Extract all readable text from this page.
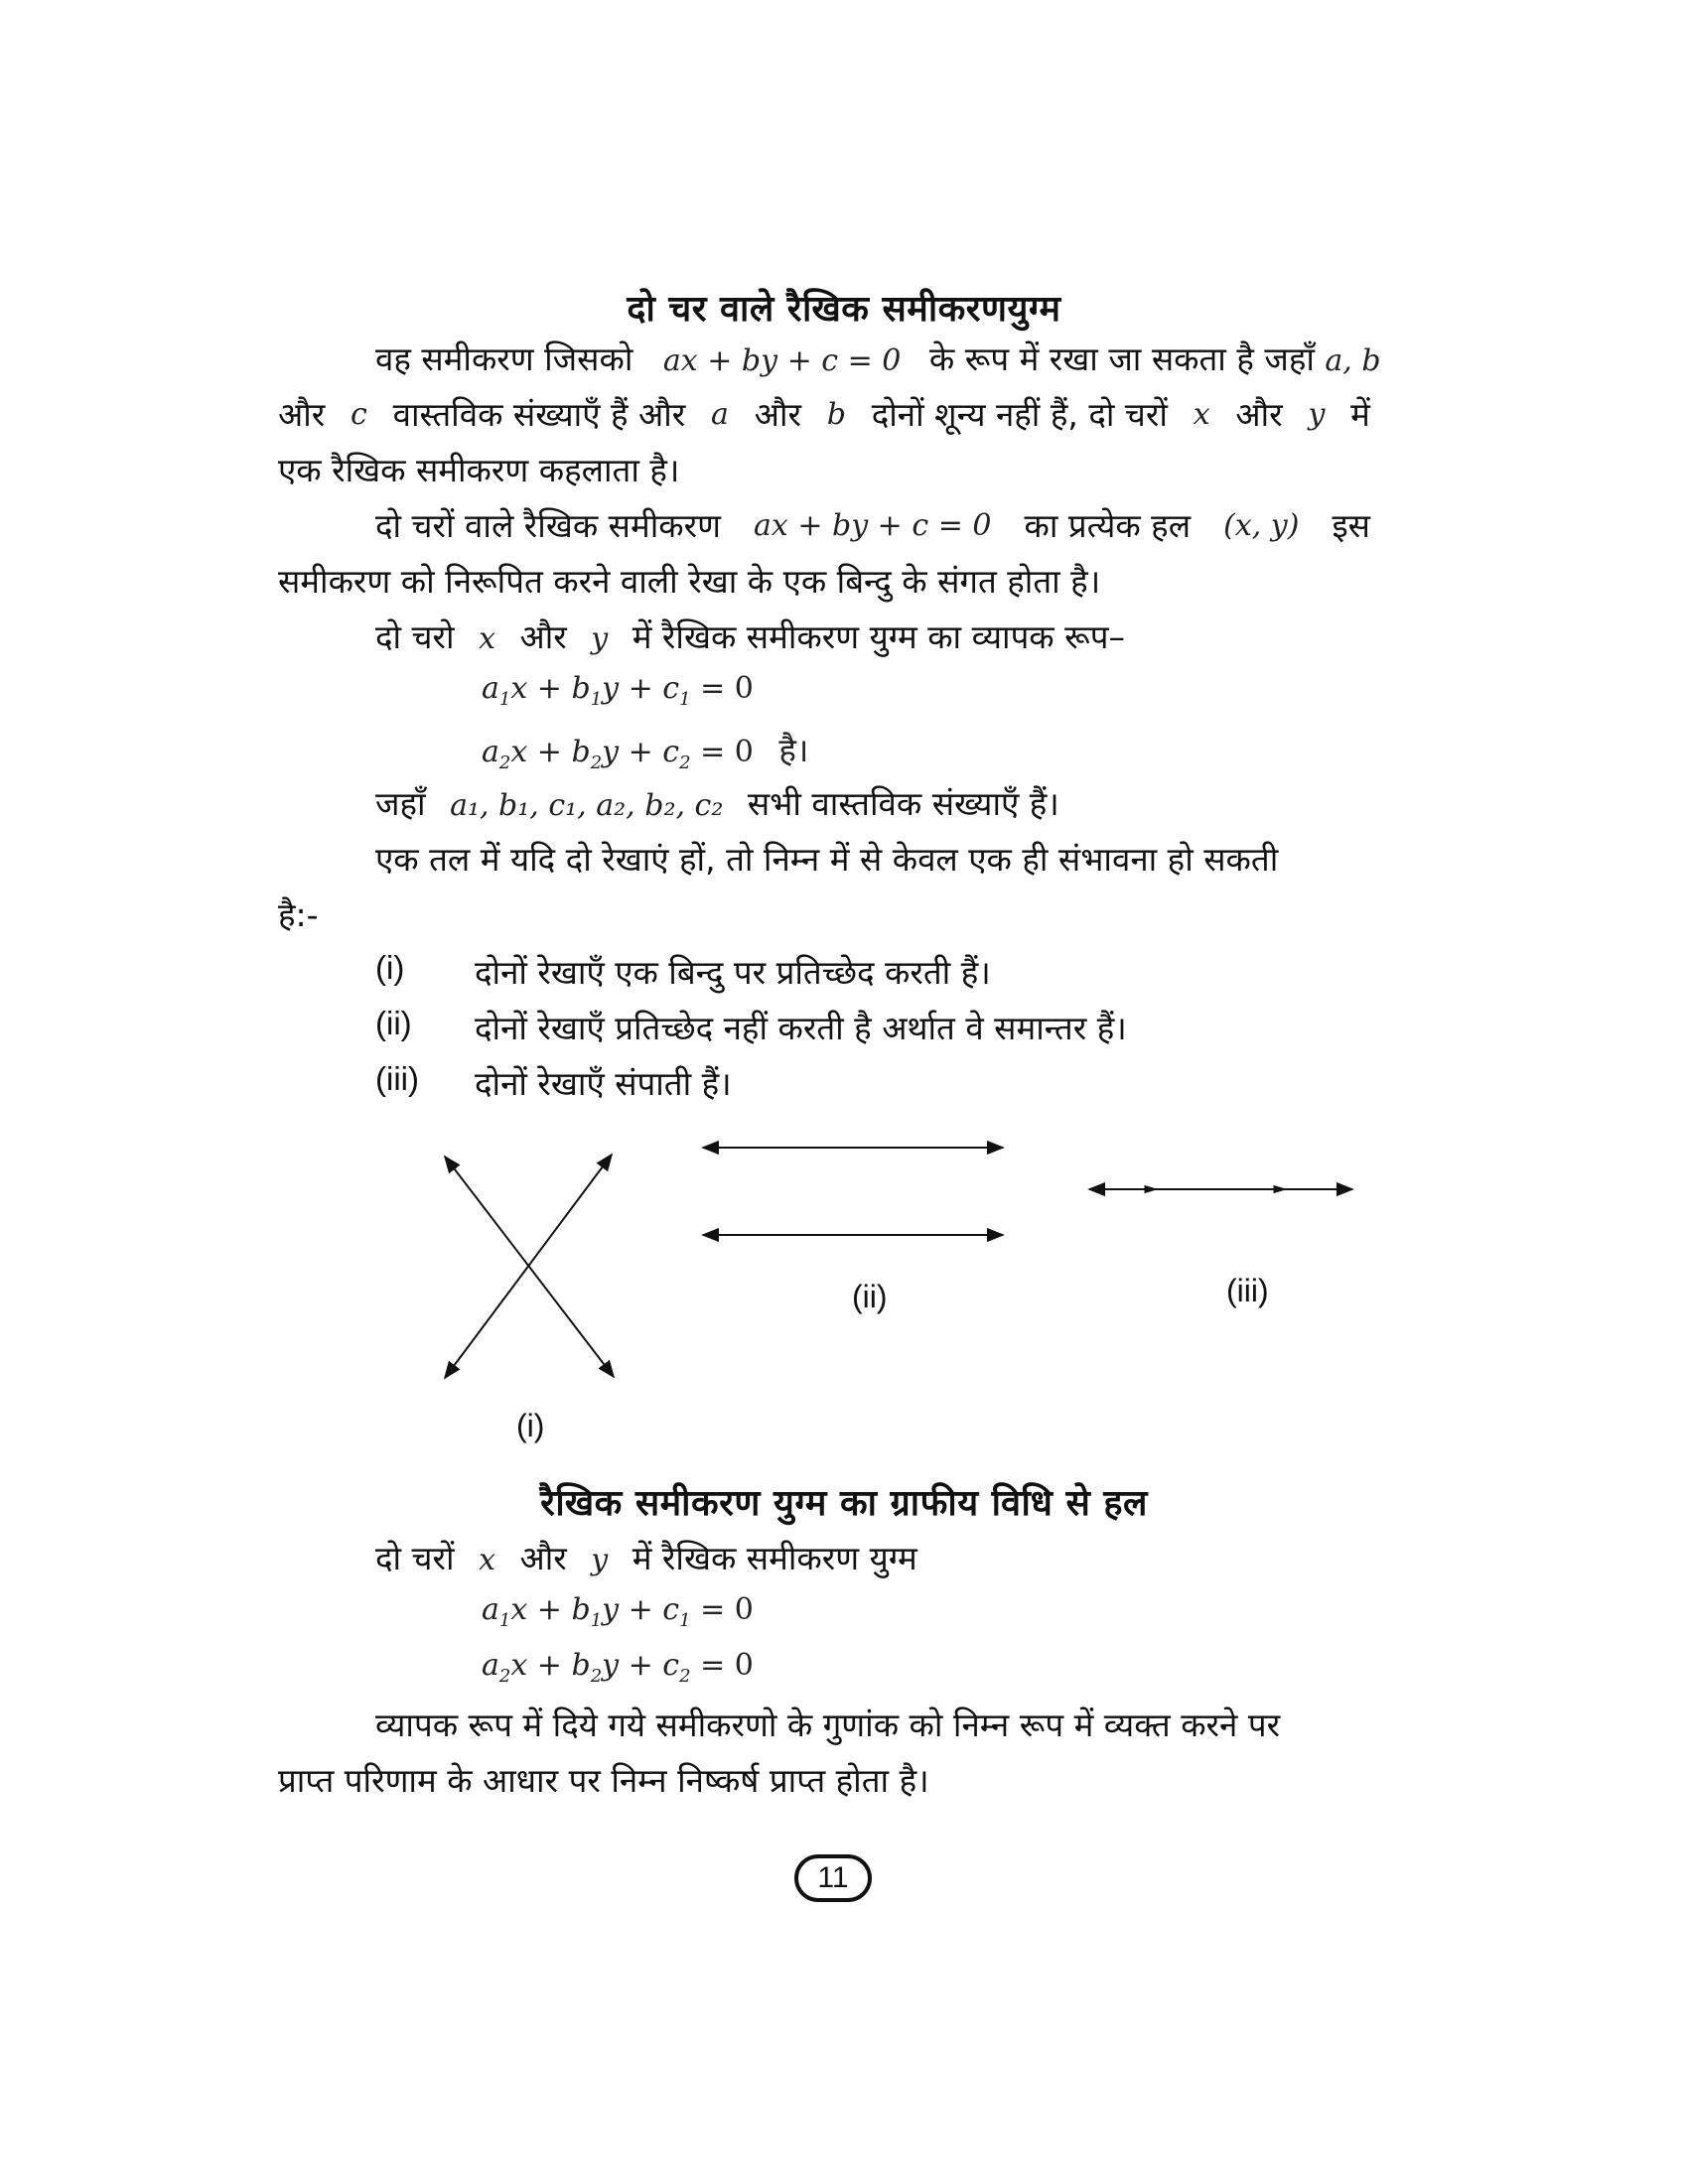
दो चर वाले रैखिक समीकरणयुग्म
वह समीकरण जिसको ax + by + c = 0 के रूप में रखा जा सकता है जहाँ a, b
और c वास्तविक संख्याएँ हैं और a और b दोनों शून्य नहीं हैं, दो चरों x और y में
एक रैखिक समीकरण कहलाता है।
दो चरों वाले रैखिक समीकरण ax + by + c = 0 का प्रत्येक हल (x, y) इस
समीकरण को निरूपित करने वाली रेखा के एक बिन्दु के संगत होता है।
दो चरो x और y में रैखिक समीकरण युग्म का व्यापक रूप–
$a_1x + b_1y + c_1 = 0$
$a_2x + b_2y + c_2 = 0$ है।
जहाँ a₁, b₁, c₁, a₂, b₂, c₂ सभी वास्तविक संख्याएँ हैं।
एक तल में यदि दो रेखाएं हों, तो निम्न में से केवल एक ही संभावना हो सकती
है:-
(i) दोनों रेखाएँ एक बिन्दु पर प्रतिच्छेद करती हैं।
(ii) दोनों रेखाएँ प्रतिच्छेद नहीं करती है अर्थात वे समान्तर हैं।
(iii) दोनों रेखाएँ संपाती हैं।
(ii)	(iii)
(i)
रैखिक समीकरण युग्म का ग्राफीय विधि से हल
दो चरों x और y में रैखिक समीकरण युग्म
$a_1x + b_1y + c_1 = 0$
$a_2x + b_2y + c_2 = 0$
व्यापक रूप में दिये गये समीकरणो के गुणांक को निम्न रूप में व्यक्त करने पर
प्राप्त परिणाम के आधार पर निम्न निष्कर्ष प्राप्त होता है।
11
